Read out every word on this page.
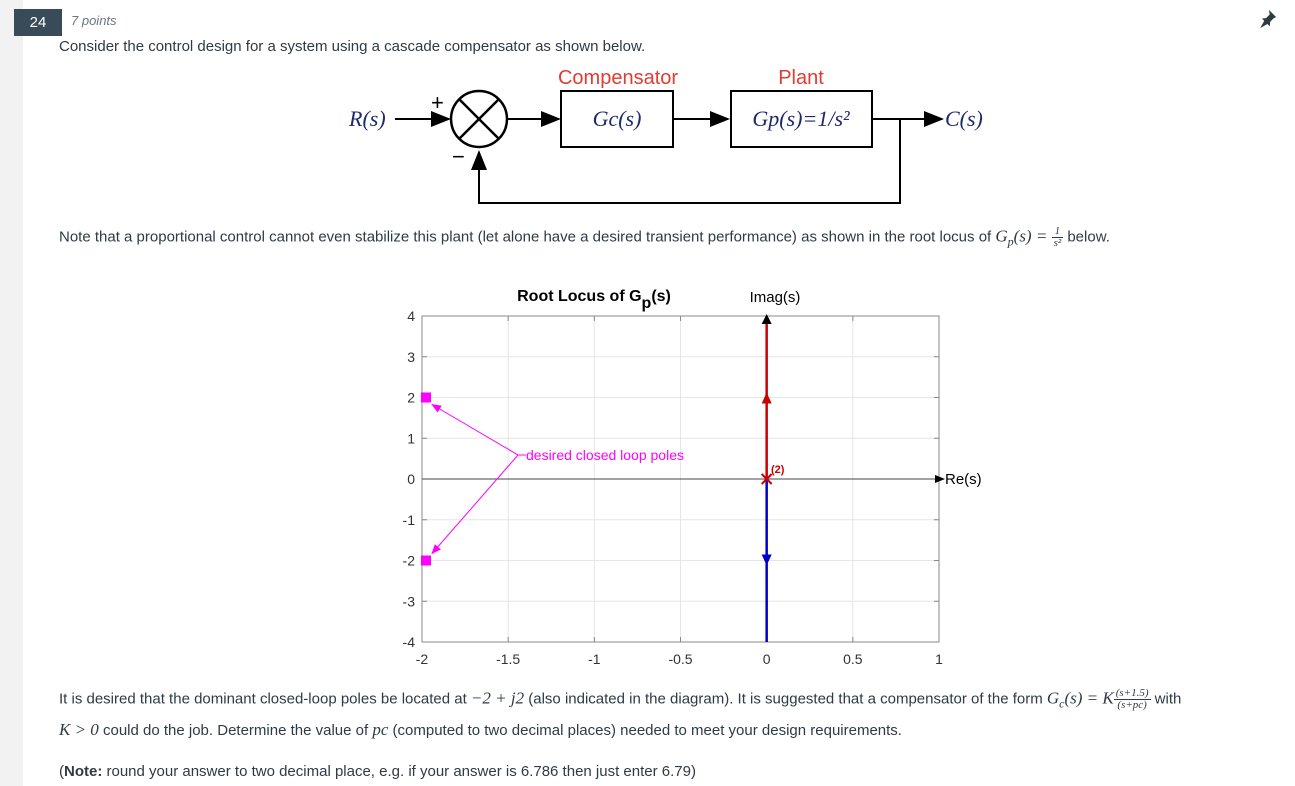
24	7 points
Consider the control design for a system using a cascade compensator as shown below.
Compensator	Plant
R(s)
+
−
Gc(s)	Gp(s)=1/s²	C(s)
Note that a proportional control cannot even stabilize this plant (let alone have a desired transient performance) as shown in the root locus of $G_p(s) = \frac{1}{\text{s²}}$ below.
-2	-1.5	-1	-0.5	0	0.5	1
-4
-3
-2
-1
0
1
2
3
4
Root Locus of Gp(s)	Imag(s)
Re(s)
desired closed loop poles
(2)
It is desired that the dominant closed-loop poles be located at −2 + j2 (also indicated in the diagram). It is suggested that a compensator of the form $G_c(s) = K \frac{(s+1.5)}{(s+pc)}$ with
K > 0 could do the job. Determine the value of pc (computed to two decimal places) needed to meet your design requirements.
(Note: round your answer to two decimal place, e.g. if your answer is 6.786 then just enter 6.79)
